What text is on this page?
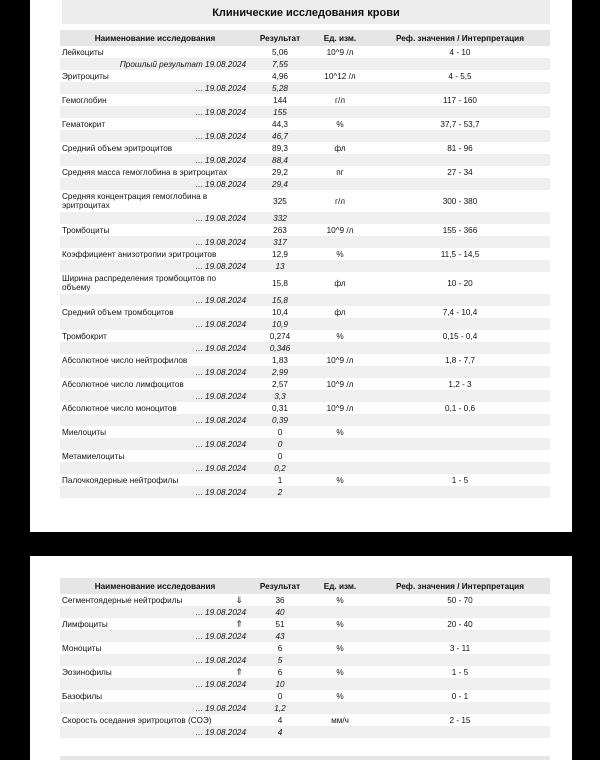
Клинические исследования крови
Наименование исследования		Результат	Ед. изм.	Реф. значения / Интерпретация
Лейкоциты		5,06	10^9 /л	4 - 10
Прошлый результат 19.08.2024		7,55		
Эритроциты		4,96	10^12 /л	4 - 5,5
... 19.08.2024		5,28		
Гемоглобин		144	г/л	117 - 160
... 19.08.2024		155		
Гематокрит		44,3	%	37,7 - 53,7
... 19.08.2024		46,7		
Средний объем эритроцитов		89,3	фл	81 - 96
... 19.08.2024		88,4		
Средняя масса гемоглобина в эритроцитах		29,2	пг	27 - 34
... 19.08.2024		29,4		
Средняя концентрация гемоглобина в эритроцитах		325	г/л	300 - 380
... 19.08.2024		332		
Тромбоциты		263	10^9 /л	155 - 366
... 19.08.2024		317		
Коэффициент анизотропии эритроцитов		12,9	%	11,5 - 14,5
... 19.08.2024		13		
Ширина распределения тромбоцитов по объему		15,8	фл	10 - 20
... 19.08.2024		15,8		
Средний объем тромбоцитов		10,4	фл	7,4 - 10,4
... 19.08.2024		10,9		
Тромбокрит		0,274	%	0,15 - 0,4
... 19.08.2024		0,346		
Абсолютное число нейтрофилов		1,83	10^9 /л	1,8 - 7,7
... 19.08.2024		2,99		
Абсолютное число лимфоцитов		2,57	10^9 /л	1,2 - 3
... 19.08.2024		3,3		
Абсолютное число моноцитов		0,31	10^9 /л	0,1 - 0,6
... 19.08.2024		0,39		
Миелоциты		0	%	
... 19.08.2024		0		
Метамиелоциты		0		
... 19.08.2024		0,2		
Палочкоядерные нейтрофилы		1	%	1 - 5
... 19.08.2024		2		
Наименование исследования		Результат	Ед. изм.	Реф. значения / Интерпретация
Сегментоядерные нейтрофилы	⇓	36	%	50 - 70
... 19.08.2024		40		
Лимфоциты	⇑	51	%	20 - 40
... 19.08.2024		43		
Моноциты		6	%	3 - 11
... 19.08.2024		5		
Эозинофилы	⇑	6	%	1 - 5
... 19.08.2024		10		
Базофилы		0	%	0 - 1
... 19.08.2024		1,2		
Скорость оседания эритроцитов (СОЭ)		4	мм/ч	2 - 15
... 19.08.2024		4		
